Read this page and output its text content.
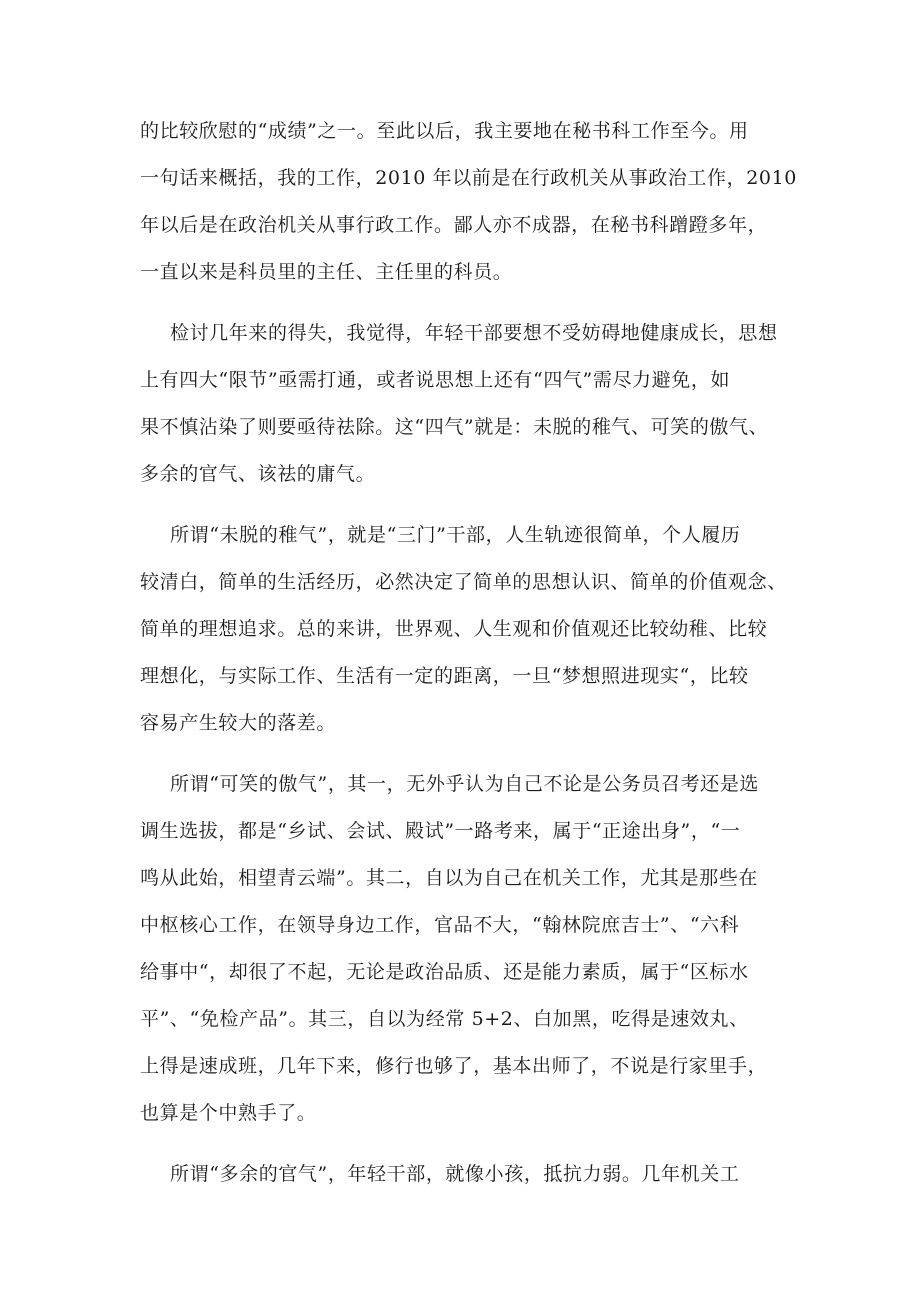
的比较欣慰的“成绩”之一。至此以后，我主要地在秘书科工作至今。用
一句话来概括，我的工作，2010 年以前是在行政机关从事政治工作，2010
年以后是在政治机关从事行政工作。鄙人亦不成器，在秘书科蹭蹬多年，
一直以来是科员里的主任、主任里的科员。
检讨几年来的得失，我觉得，年轻干部要想不受妨碍地健康成长，思想
上有四大“限节”亟需打通，或者说思想上还有“四气”需尽力避免，如
果不慎沾染了则要亟待祛除。这“四气”就是：未脱的稚气、可笑的傲气、
多余的官气、该祛的庸气。
所谓“未脱的稚气”，就是“三门”干部，人生轨迹很简单，个人履历
较清白，简单的生活经历，必然决定了简单的思想认识、简单的价值观念、
简单的理想追求。总的来讲，世界观、人生观和价值观还比较幼稚、比较
理想化，与实际工作、生活有一定的距离，一旦“梦想照进现实“，比较
容易产生较大的落差。
所谓“可笑的傲气”，其一，无外乎认为自己不论是公务员召考还是选
调生选拔，都是“乡试、会试、殿试”一路考来，属于“正途出身”，“一
鸣从此始，相望青云端”。其二，自以为自己在机关工作，尤其是那些在
中枢核心工作，在领导身边工作，官品不大，“翰林院庶吉士”、“六科
给事中“，却很了不起，无论是政治品质、还是能力素质，属于“区标水
平”、“免检产品”。其三，自以为经常 5+2、白加黑，吃得是速效丸、
上得是速成班，几年下来，修行也够了，基本出师了，不说是行家里手，
也算是个中熟手了。
所谓“多余的官气”，年轻干部，就像小孩，抵抗力弱。几年机关工
